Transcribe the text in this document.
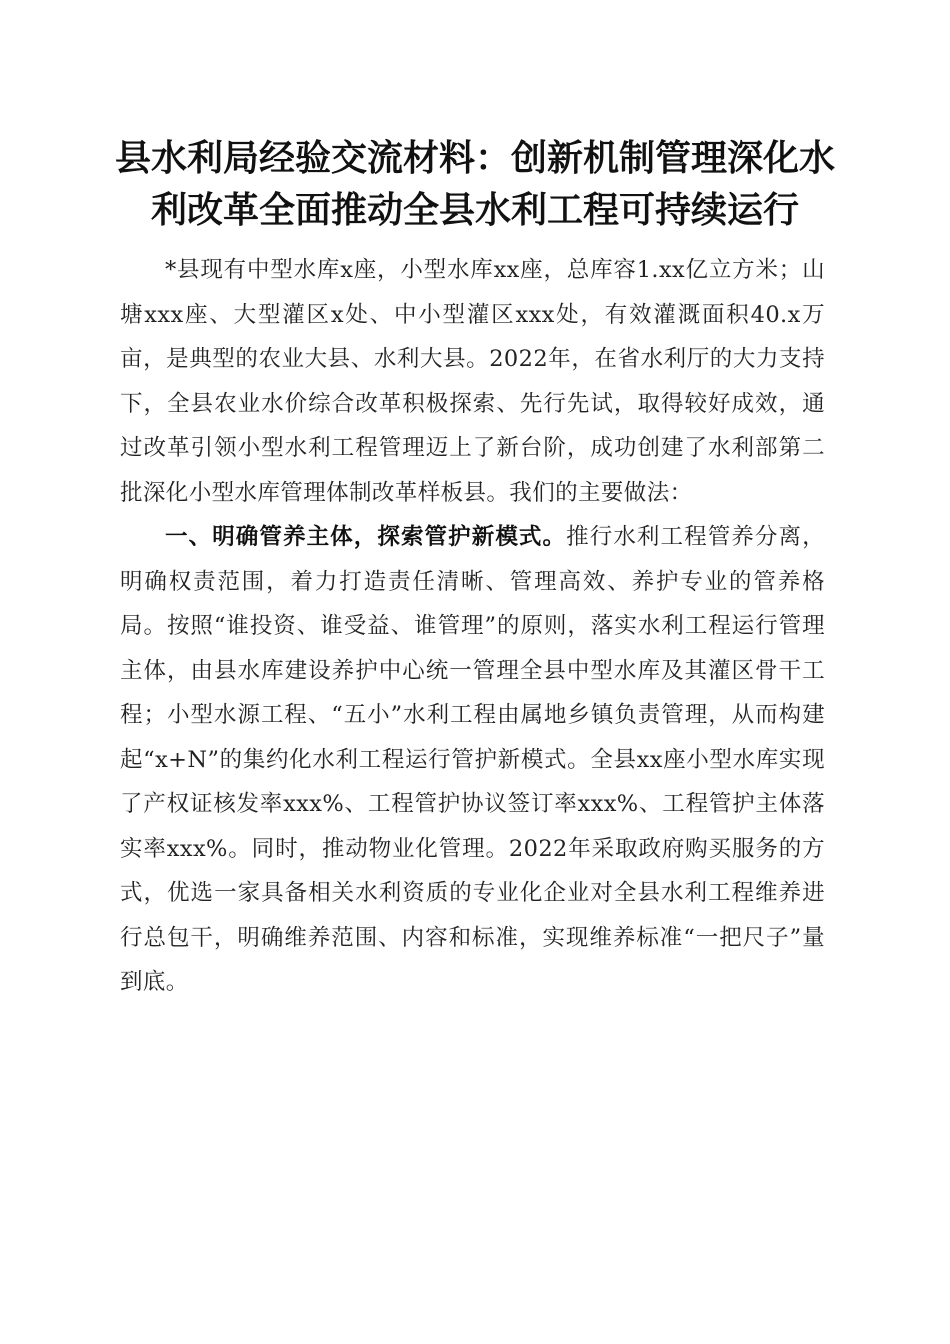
县水利局经验交流材料：创新机制管理深化水
利改革全面推动全县水利工程可持续运行

*县现有中型水库x座，小型水库xx座，总库容1.xx亿立方米；山塘xxx座、大型灌区x处、中小型灌区xxx处，有效灌溉面积40.x万亩，是典型的农业大县、水利大县。2022年，在省水利厅的大力支持下，全县农业水价综合改革积极探索、先行先试，取得较好成效，通过改革引领小型水利工程管理迈上了新台阶，成功创建了水利部第二批深化小型水库管理体制改革样板县。我们的主要做法：

一、明确管养主体，探索管护新模式。推行水利工程管养分离，明确权责范围，着力打造责任清晰、管理高效、养护专业的管养格局。按照“谁投资、谁受益、谁管理”的原则，落实水利工程运行管理主体，由县水库建设养护中心统一管理全县中型水库及其灌区骨干工程；小型水源工程、“五小”水利工程由属地乡镇负责管理，从而构建起“x+N”的集约化水利工程运行管护新模式。全县xx座小型水库实现了产权证核发率xxx%、工程管护协议签订率xxx%、工程管护主体落实率xxx%。同时，推动物业化管理。2022年采取政府购买服务的方式，优选一家具备相关水利资质的专业化企业对全县水利工程维养进行总包干，明确维养范围、内容和标准，实现维养标准“一把尺子”量到底。
